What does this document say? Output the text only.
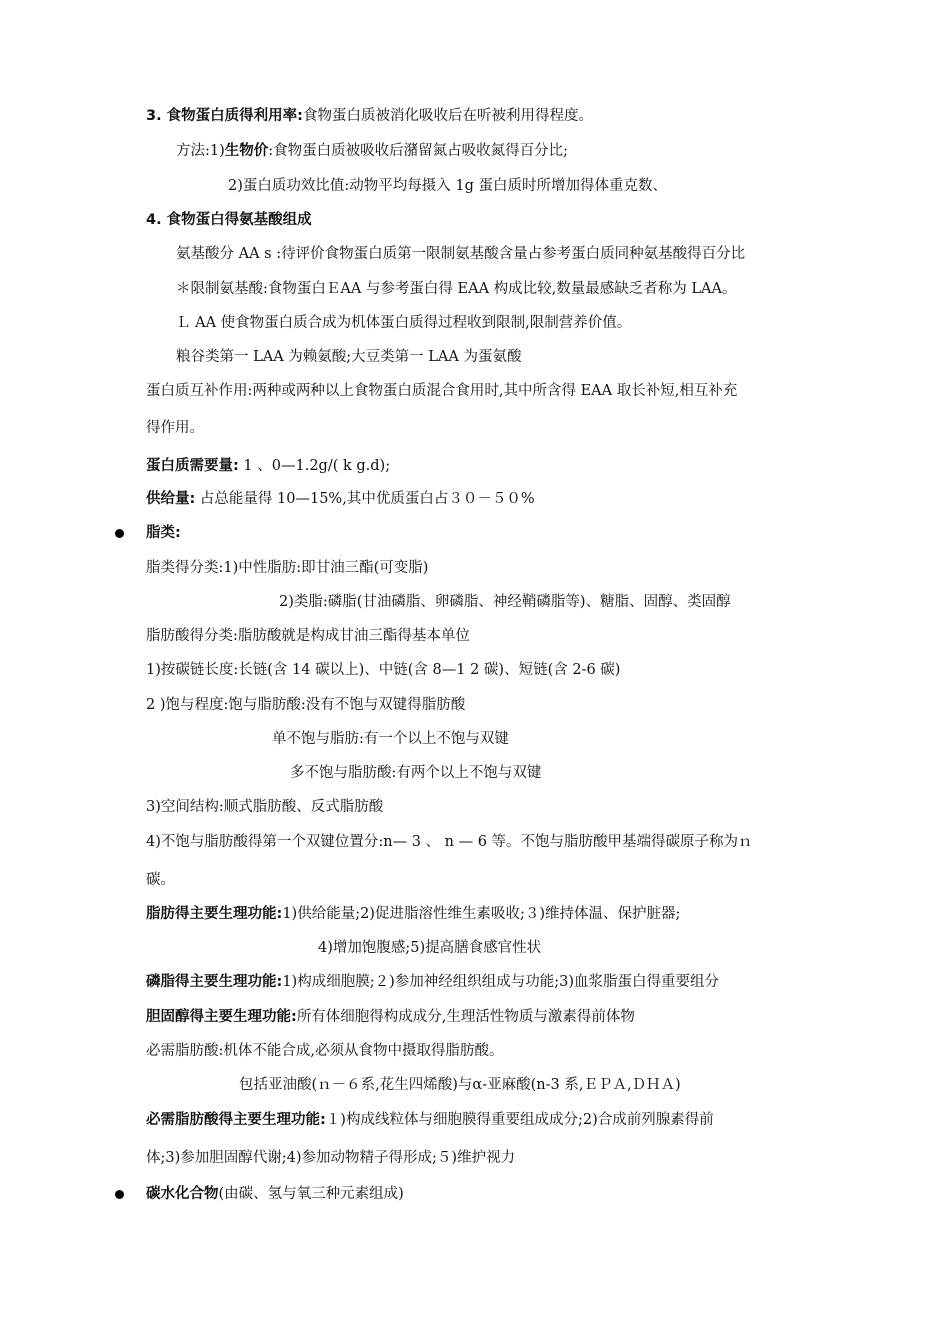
3. 食物蛋白质得利用率:食物蛋白质被消化吸收后在听被利用得程度。
方法:1)生物价:食物蛋白质被吸收后潴留氮占吸收氮得百分比;
2)蛋白质功效比值:动物平均每摄入 1g 蛋白质时所增加得体重克数、
4. 食物蛋白得氨基酸组成
氨基酸分 AA s :待评价食物蛋白质第一限制氨基酸含量占参考蛋白质同种氨基酸得百分比
＊限制氨基酸:食物蛋白ＥAA 与参考蛋白得 EAA 构成比较,数量最感缺乏者称为 LAA。
Ｌ AA 使食物蛋白质合成为机体蛋白质得过程收到限制,限制营养价值。
粮谷类第一 LAA 为赖氨酸;大豆类第一 LAA 为蛋氨酸
蛋白质互补作用:两种或两种以上食物蛋白质混合食用时,其中所含得 EAA 取长补短,相互补充
得作用。
蛋白质需要量: 1 、0—1.2g/( k g.d);
供给量: 占总能量得 10—15%,其中优质蛋白占３０－５０%
脂类:
脂类得分类:1)中性脂肪:即甘油三酯(可变脂)
2)类脂:磷脂(甘油磷脂、卵磷脂、神经鞘磷脂等)、糖脂、固醇、类固醇
脂肪酸得分类:脂肪酸就是构成甘油三酯得基本单位
1)按碳链长度:长链(含 14 碳以上)、中链(含 8—1 2 碳)、短链(含 2-6 碳)
2 )饱与程度:饱与脂肪酸:没有不饱与双键得脂肪酸
单不饱与脂肪:有一个以上不饱与双键
多不饱与脂肪酸:有两个以上不饱与双键
3)空间结构:顺式脂肪酸、反式脂肪酸
4)不饱与脂肪酸得第一个双键位置分:n— 3 、 n — 6 等。不饱与脂肪酸甲基端得碳原子称为ｎ
碳。
脂肪得主要生理功能:1)供给能量;2)促进脂溶性维生素吸收;３)维持体温、保护脏器;
4)增加饱腹感;5)提高膳食感官性状
磷脂得主要生理功能:1)构成细胞膜;２)参加神经组织组成与功能;3)血浆脂蛋白得重要组分
胆固醇得主要生理功能:所有体细胞得构成成分,生理活性物质与激素得前体物
必需脂肪酸:机体不能合成,必须从食物中摄取得脂肪酸。
包括亚油酸(ｎ－６系,花生四烯酸)与α-亚麻酸(n-3 系,ＥＰＡ,ＤＨＡ)
必需脂肪酸得主要生理功能:１)构成线粒体与细胞膜得重要组成成分;2)合成前列腺素得前
体;3)参加胆固醇代谢;4)参加动物精子得形成;５)维护视力
碳水化合物(由碳、氢与氧三种元素组成)
